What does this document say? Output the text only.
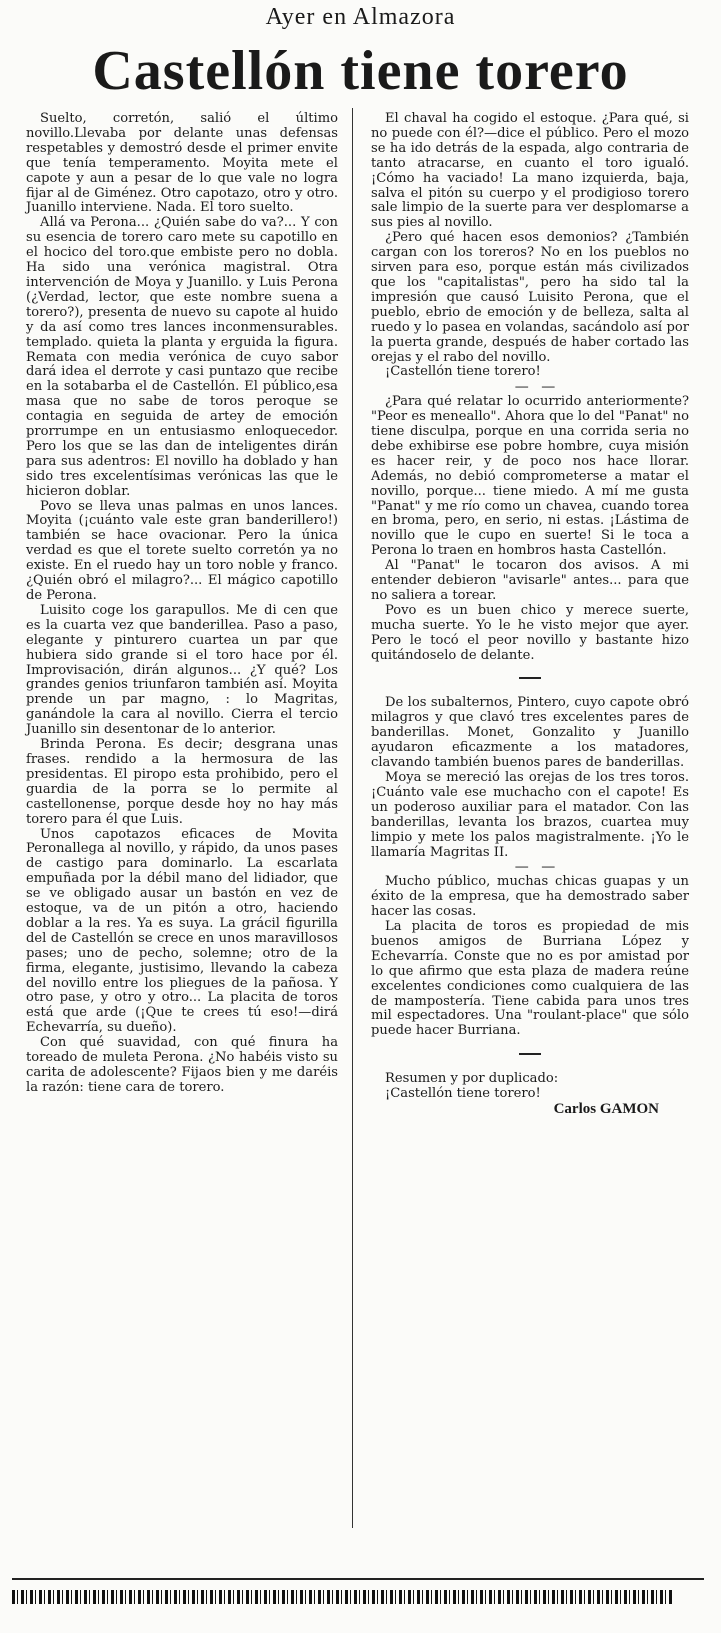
Ayer en Almazora
Castellón tiene torero

Suelto, corretón, salió el último novillo.Llevaba por delante unas defensas respetables y demostró desde el primer envite que tenía temperamento. Moyita mete el capote y aun a pesar de lo que vale no logra fijar al de Giménez. Otro capotazo, otro y otro. Juanillo interviene. Nada. El toro suelto.

Allá va Perona... ¿Quién sabe do va?... Y con su esencia de torero caro mete su capotillo en el hocico del toro.que embiste pero no dobla. Ha sido una verónica magistral. Otra intervención de Moya y Juanillo. y Luis Perona (¿Verdad, lector, que este nombre suena a torero?), presenta de nuevo su capote al huido y da así como tres lances inconmensurables. templado. quieta la planta y erguida la figura. Remata con media verónica de cuyo sabor dará idea el derrote y casi puntazo que recibe en la sotabarba el de Castellón. El público,esa masa que no sabe de toros peroque se contagia en seguida de artey de emoción prorrumpe en un entusiasmo enloquecedor. Pero los que se las dan de inteligentes dirán para sus adentros: El novillo ha doblado y han sido tres excelentísimas verónicas las que le hicieron doblar.

Povo se lleva unas palmas en unos lances. Moyita (¡cuánto vale este gran banderillero!) también se hace ovacionar. Pero la única verdad es que el torete suelto corretón ya no existe. En el ruedo hay un toro noble y franco. ¿Quién obró el milagro?... El mágico capotillo de Perona.

Luisito coge los garapullos. Me di cen que es la cuarta vez que banderillea. Paso a paso, elegante y pinturero cuartea un par que hubiera sido grande si el toro hace por él. Improvisación, dirán algunos... ¿Y qué? Los grandes genios triunfaron también así. Moyita prende un par magno, : lo Magritas, ganándole la cara al novillo. Cierra el tercio Juanillo sin desentonar de lo anterior.

Brinda Perona. Es decir; desgrana unas frases. rendido a la hermosura de las presidentas. El piropo esta prohibido, pero el guardia de la porra se lo permite al castellonense, porque desde hoy no hay más torero para él que Luis.

Unos capotazos eficaces de Movita Peronallega al novillo, y rápido, da unos pases de castigo para dominarlo. La escarlata empuñada por la débil mano del lidiador, que se ve obligado ausar un bastón en vez de estoque, va de un pitón a otro, haciendo doblar a la res. Ya es suya. La grácil figurilla del de Castellón se crece en unos maravillosos pases; uno de pecho, solemne; otro de la firma, elegante, justisimo, llevando la cabeza del novillo entre los pliegues de la pañosa. Y otro pase, y otro y otro... La placita de toros está que arde (¡Que te crees tú eso!—dirá Echevarría, su dueño).

Con qué suavidad, con qué finura ha toreado de muleta Perona. ¿No habéis visto su carita de adolescente? Fijaos bien y me daréis la razón: tiene cara de torero.

El chaval ha cogido el estoque. ¿Para qué, si no puede con él?—dice el público. Pero el mozo se ha ido detrás de la espada, algo contraria de tanto atracarse, en cuanto el toro igualó. ¡Cómo ha vaciado! La mano izquierda, baja, salva el pitón su cuerpo y el prodigioso torero sale limpio de la suerte para ver desplomarse a sus pies al novillo.

¿Pero qué hacen esos demonios? ¿También cargan con los toreros? No en los pueblos no sirven para eso, porque están más civilizados que los "capitalistas", pero ha sido tal la impresión que causó Luisito Perona, que el pueblo, ebrio de emoción y de belleza, salta al ruedo y lo pasea en volandas, sacándolo así por la puerta grande, después de haber cortado las orejas y el rabo del novillo.

¡Castellón tiene torero!

— —

¿Para qué relatar lo ocurrido anteriormente? "Peor es meneallo". Ahora que lo del "Panat" no tiene disculpa, porque en una corrida seria no debe exhibirse ese pobre hombre, cuya misión es hacer reir, y de poco nos hace llorar. Además, no debió comprometerse a matar el novillo, porque... tiene miedo. A mí me gusta "Panat" y me río como un chavea, cuando torea en broma, pero, en serio, ni estas. ¡Lástima de novillo que le cupo en suerte! Si le toca a Perona lo traen en hombros hasta Castellón.

Al "Panat" le tocaron dos avisos. A mi entender debieron "avisarle" antes... para que no saliera a torear.

Povo es un buen chico y merece suerte, mucha suerte. Yo le he visto mejor que ayer. Pero le tocó el peor novillo y bastante hizo quitándoselo de delante.

De los subalternos, Pintero, cuyo capote obró milagros y que clavó tres excelentes pares de banderillas. Monet, Gonzalito y Juanillo ayudaron eficazmente a los matadores, clavando también buenos pares de banderillas.

Moya se mereció las orejas de los tres toros. ¡Cuánto vale ese muchacho con el capote! Es un poderoso auxiliar para el matador. Con las banderillas, levanta los brazos, cuartea muy limpio y mete los palos magistralmente. ¡Yo le llamaría Magritas II.

— —

Mucho público, muchas chicas guapas y un éxito de la empresa, que ha demostrado saber hacer las cosas.

La placita de toros es propiedad de mis buenos amigos de Burriana López y Echevarría. Conste que no es por amistad por lo que afirmo que esta plaza de madera reúne excelentes condiciones como cualquiera de las de mampostería. Tiene cabida para unos tres mil espectadores. Una "roulant-place" que sólo puede hacer Burriana.

Resumen y por duplicado:

¡Castellón tiene torero!

Carlos GAMON
